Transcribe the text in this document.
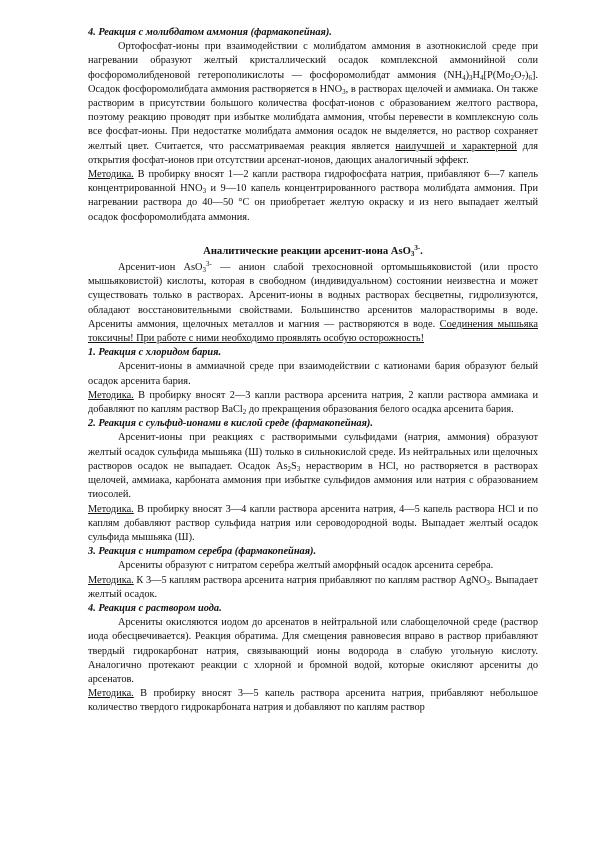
4. Реакция с молибдатом аммония (фармакопейная).

Ортофосфат-ионы при взаимодействии с молибдатом аммония в азотнокислой среде при нагревании образуют желтый кристаллический осадок комплексной аммонийной соли фосфоромолибденовой гетерополикислоты — фосфоромолибдат аммония $(NH_4)_3H_4[P(Mo_2O_7)_6]$. Осадок фосфоромолибдата аммония растворяется в $HNO_3$, в растворах щелочей и аммиака. Он также растворим в присутствии большого количества фосфат-ионов с образованием желтого раствора, поэтому реакцию проводят при избытке молибдата аммония, чтобы перевести в комплексную соль все фосфат-ионы. При недостатке молибдата аммония осадок не выделяется, но раствор сохраняет желтый цвет. Считается, что рассматриваемая реакция является наилучшей и характерной для открытия фосфат-ионов при отсутствии арсенат-ионов, дающих аналогичный эффект.

Методика. В пробирку вносят 1—2 капли раствора гидрофосфата натрия, прибавляют 6—7 капель концентрированной $HNO_3$ и 9—10 капель концентрированного раствора молибдата аммония. При нагревании раствора до 40—50 °С он приобретает желтую окраску и из него выпадает желтый осадок фосфоромолибдата аммония.

Аналитические реакции арсенит-иона AsO$_3^{3-}$.

Арсенит-ион AsO$_3^{3-}$ — анион слабой трехосновной ортомышьяковистой (или просто мышьяковистой) кислоты, которая в свободном (индивидуальном) состоянии неизвестна и может существовать только в растворах. Арсенит-ионы в водных растворах бесцветны, гидролизуются, обладают восстановительными свойствами. Большинство арсенитов малорастворимы в воде. Арсениты аммония, щелочных металлов и магния — растворяются в воде. Соединения мышьяка токсичны! При работе с ними необходимо проявлять особую осторожность!

1. Реакция с хлоридом бария.

Арсенит-ионы в аммиачной среде при взаимодействии с катионами бария образуют белый осадок арсенита бария.

Методика. В пробирку вносят 2—3 капли раствора арсенита натрия, 2 капли раствора аммиака и добавляют по каплям раствор BaCl$_2$ до прекращения образования белого осадка арсенита бария.

2. Реакция с сульфид-ионами в кислой среде (фармакопейная).

Арсенит-ионы при реакциях с растворимыми сульфидами (натрия, аммония) образуют желтый осадок сульфида мышьяка (Ш) только в сильнокислой среде. Из нейтральных или щелочных растворов осадок не выпадает. Осадок $As_2S_3$ нерастворим в HCl, но растворяется в растворах щелочей, аммиака, карбоната аммония при избытке сульфидов аммония или натрия с образованием тиосолей.

Методика. В пробирку вносят 3—4 капли раствора арсенита натрия, 4—5 капель раствора HCl и по каплям добавляют раствор сульфида натрия или сероводородной воды. Выпадает желтый осадок сульфида мышьяка (Ш).

3. Реакция с нитратом серебра (фармакопейная).

Арсениты образуют с нитратом серебра желтый аморфный осадок арсенита серебра.

Методика. К 3—5 каплям раствора арсенита натрия прибавляют по каплям раствор AgNO$_3$. Выпадает желтый осадок.

4. Реакция с раствором иода.

Арсениты окисляются иодом до арсенатов в нейтральной или слабощелочной среде (раствор иода обесцвечивается). Реакция обратима. Для смещения равновесия вправо в раствор прибавляют твердый гидрокарбонат натрия, связывающий ионы водорода в слабую угольную кислоту. Аналогично протекают реакции с хлорной и бромной водой, которые окисляют арсениты до арсенатов.

Методика. В пробирку вносят 3—5 капель раствора арсенита натрия, прибавляют небольшое количество твердого гидрокарбоната натрия и добавляют по каплям раствор
